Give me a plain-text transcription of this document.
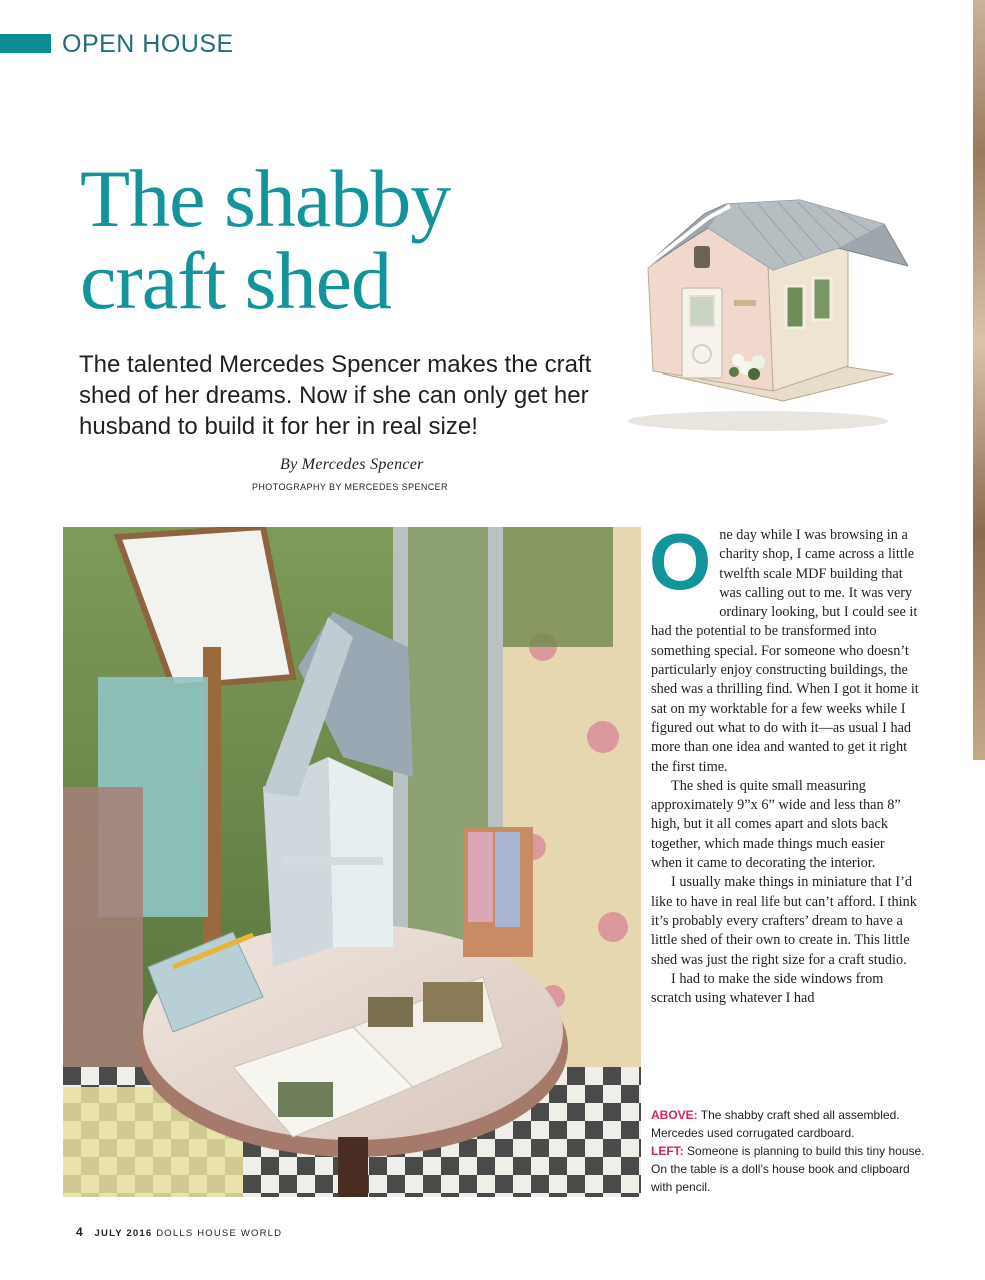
OPEN HOUSE
The shabby
craft shed

The talented Mercedes Spencer makes the craft shed of her dreams. Now if she can only get her husband to build it for her in real size!

By Mercedes Spencer
PHOTOGRAPHY BY MERCEDES SPENCER

One day while I was browsing in a charity shop, I came across a little twelfth scale MDF building that was calling out to me. It was very ordinary looking, but I could see it had the potential to be transformed into something special. For someone who doesn’t particularly enjoy constructing buildings, the shed was a thrilling find. When I got it home it sat on my worktable for a few weeks while I figured out what to do with it—as usual I had more than one idea and wanted to get it right the first time.

The shed is quite small measuring approximately 9”x 6” wide and less than 8” high, but it all comes apart and slots back together, which made things much easier when it came to decorating the interior.

I usually make things in miniature that I’d like to have in real life but can’t afford. I think it’s probably every crafters’ dream to have a little shed of their own to create in. This little shed was just the right size for a craft studio.

I had to make the side windows from scratch using whatever I had

ABOVE: The shabby craft shed all assembled. Mercedes used corrugated cardboard.
LEFT: Someone is planning to build this tiny house. On the table is a doll’s house book and clipboard with pencil.
4 JULY 2016 DOLLS HOUSE WORLD
